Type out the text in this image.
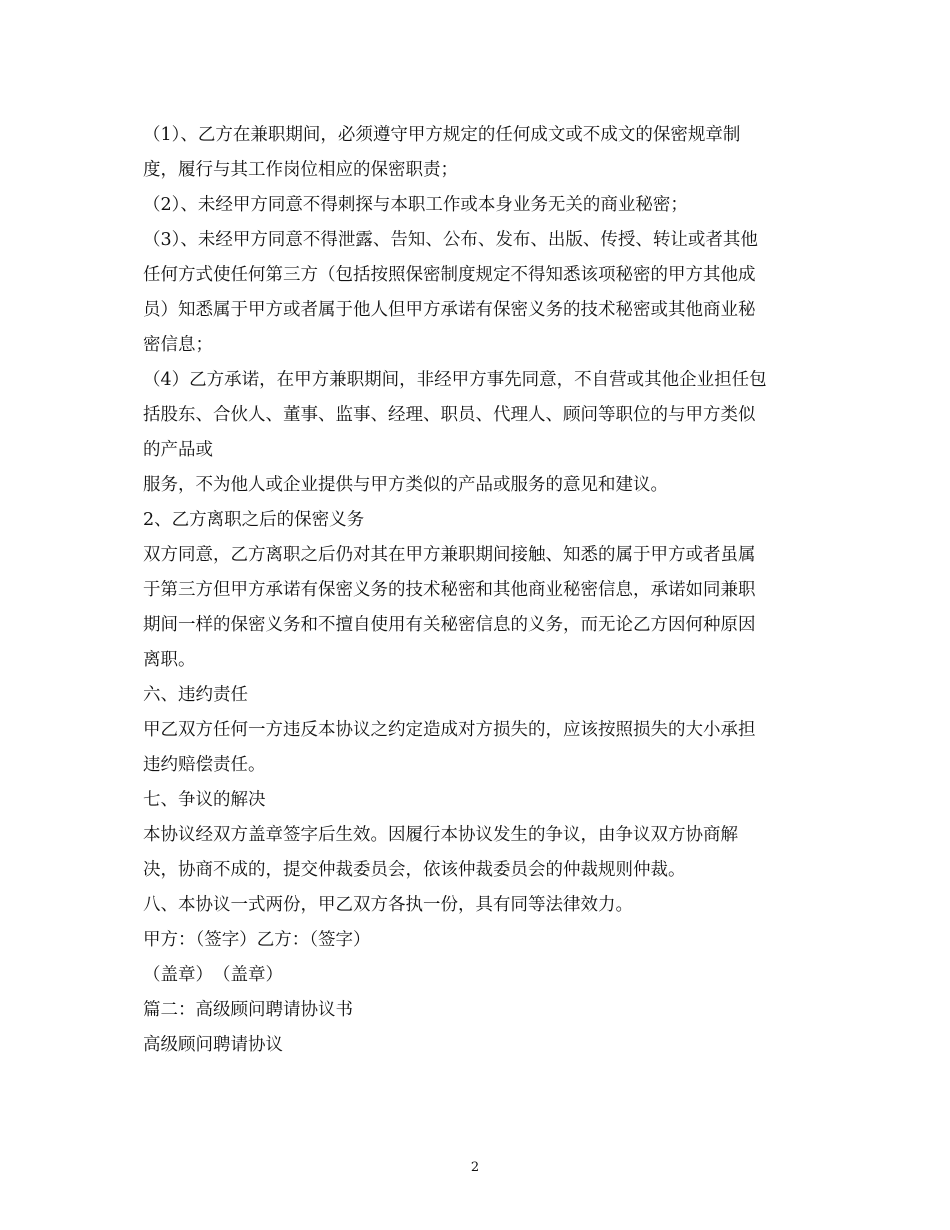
（1）、乙方在兼职期间，必须遵守甲方规定的任何成文或不成文的保密规章制
度，履行与其工作岗位相应的保密职责；
（2）、未经甲方同意不得刺探与本职工作或本身业务无关的商业秘密；
（3）、未经甲方同意不得泄露、告知、公布、发布、出版、传授、转让或者其他
任何方式使任何第三方（包括按照保密制度规定不得知悉该项秘密的甲方其他成
员）知悉属于甲方或者属于他人但甲方承诺有保密义务的技术秘密或其他商业秘
密信息；
（4）乙方承诺，在甲方兼职期间，非经甲方事先同意，不自营或其他企业担任包
括股东、合伙人、董事、监事、经理、职员、代理人、顾问等职位的与甲方类似
的产品或
服务，不为他人或企业提供与甲方类似的产品或服务的意见和建议。
2、乙方离职之后的保密义务
双方同意，乙方离职之后仍对其在甲方兼职期间接触、知悉的属于甲方或者虽属
于第三方但甲方承诺有保密义务的技术秘密和其他商业秘密信息，承诺如同兼职
期间一样的保密义务和不擅自使用有关秘密信息的义务，而无论乙方因何种原因
离职。
六、违约责任
甲乙双方任何一方违反本协议之约定造成对方损失的，应该按照损失的大小承担
违约赔偿责任。
七、争议的解决
本协议经双方盖章签字后生效。因履行本协议发生的争议，由争议双方协商解
决，协商不成的，提交仲裁委员会，依该仲裁委员会的仲裁规则仲裁。
八、本协议一式两份，甲乙双方各执一份，具有同等法律效力。
甲方：（签字）乙方：（签字）
（盖章）　（盖章）
篇二：高级顾问聘请协议书
高级顾问聘请协议
2
